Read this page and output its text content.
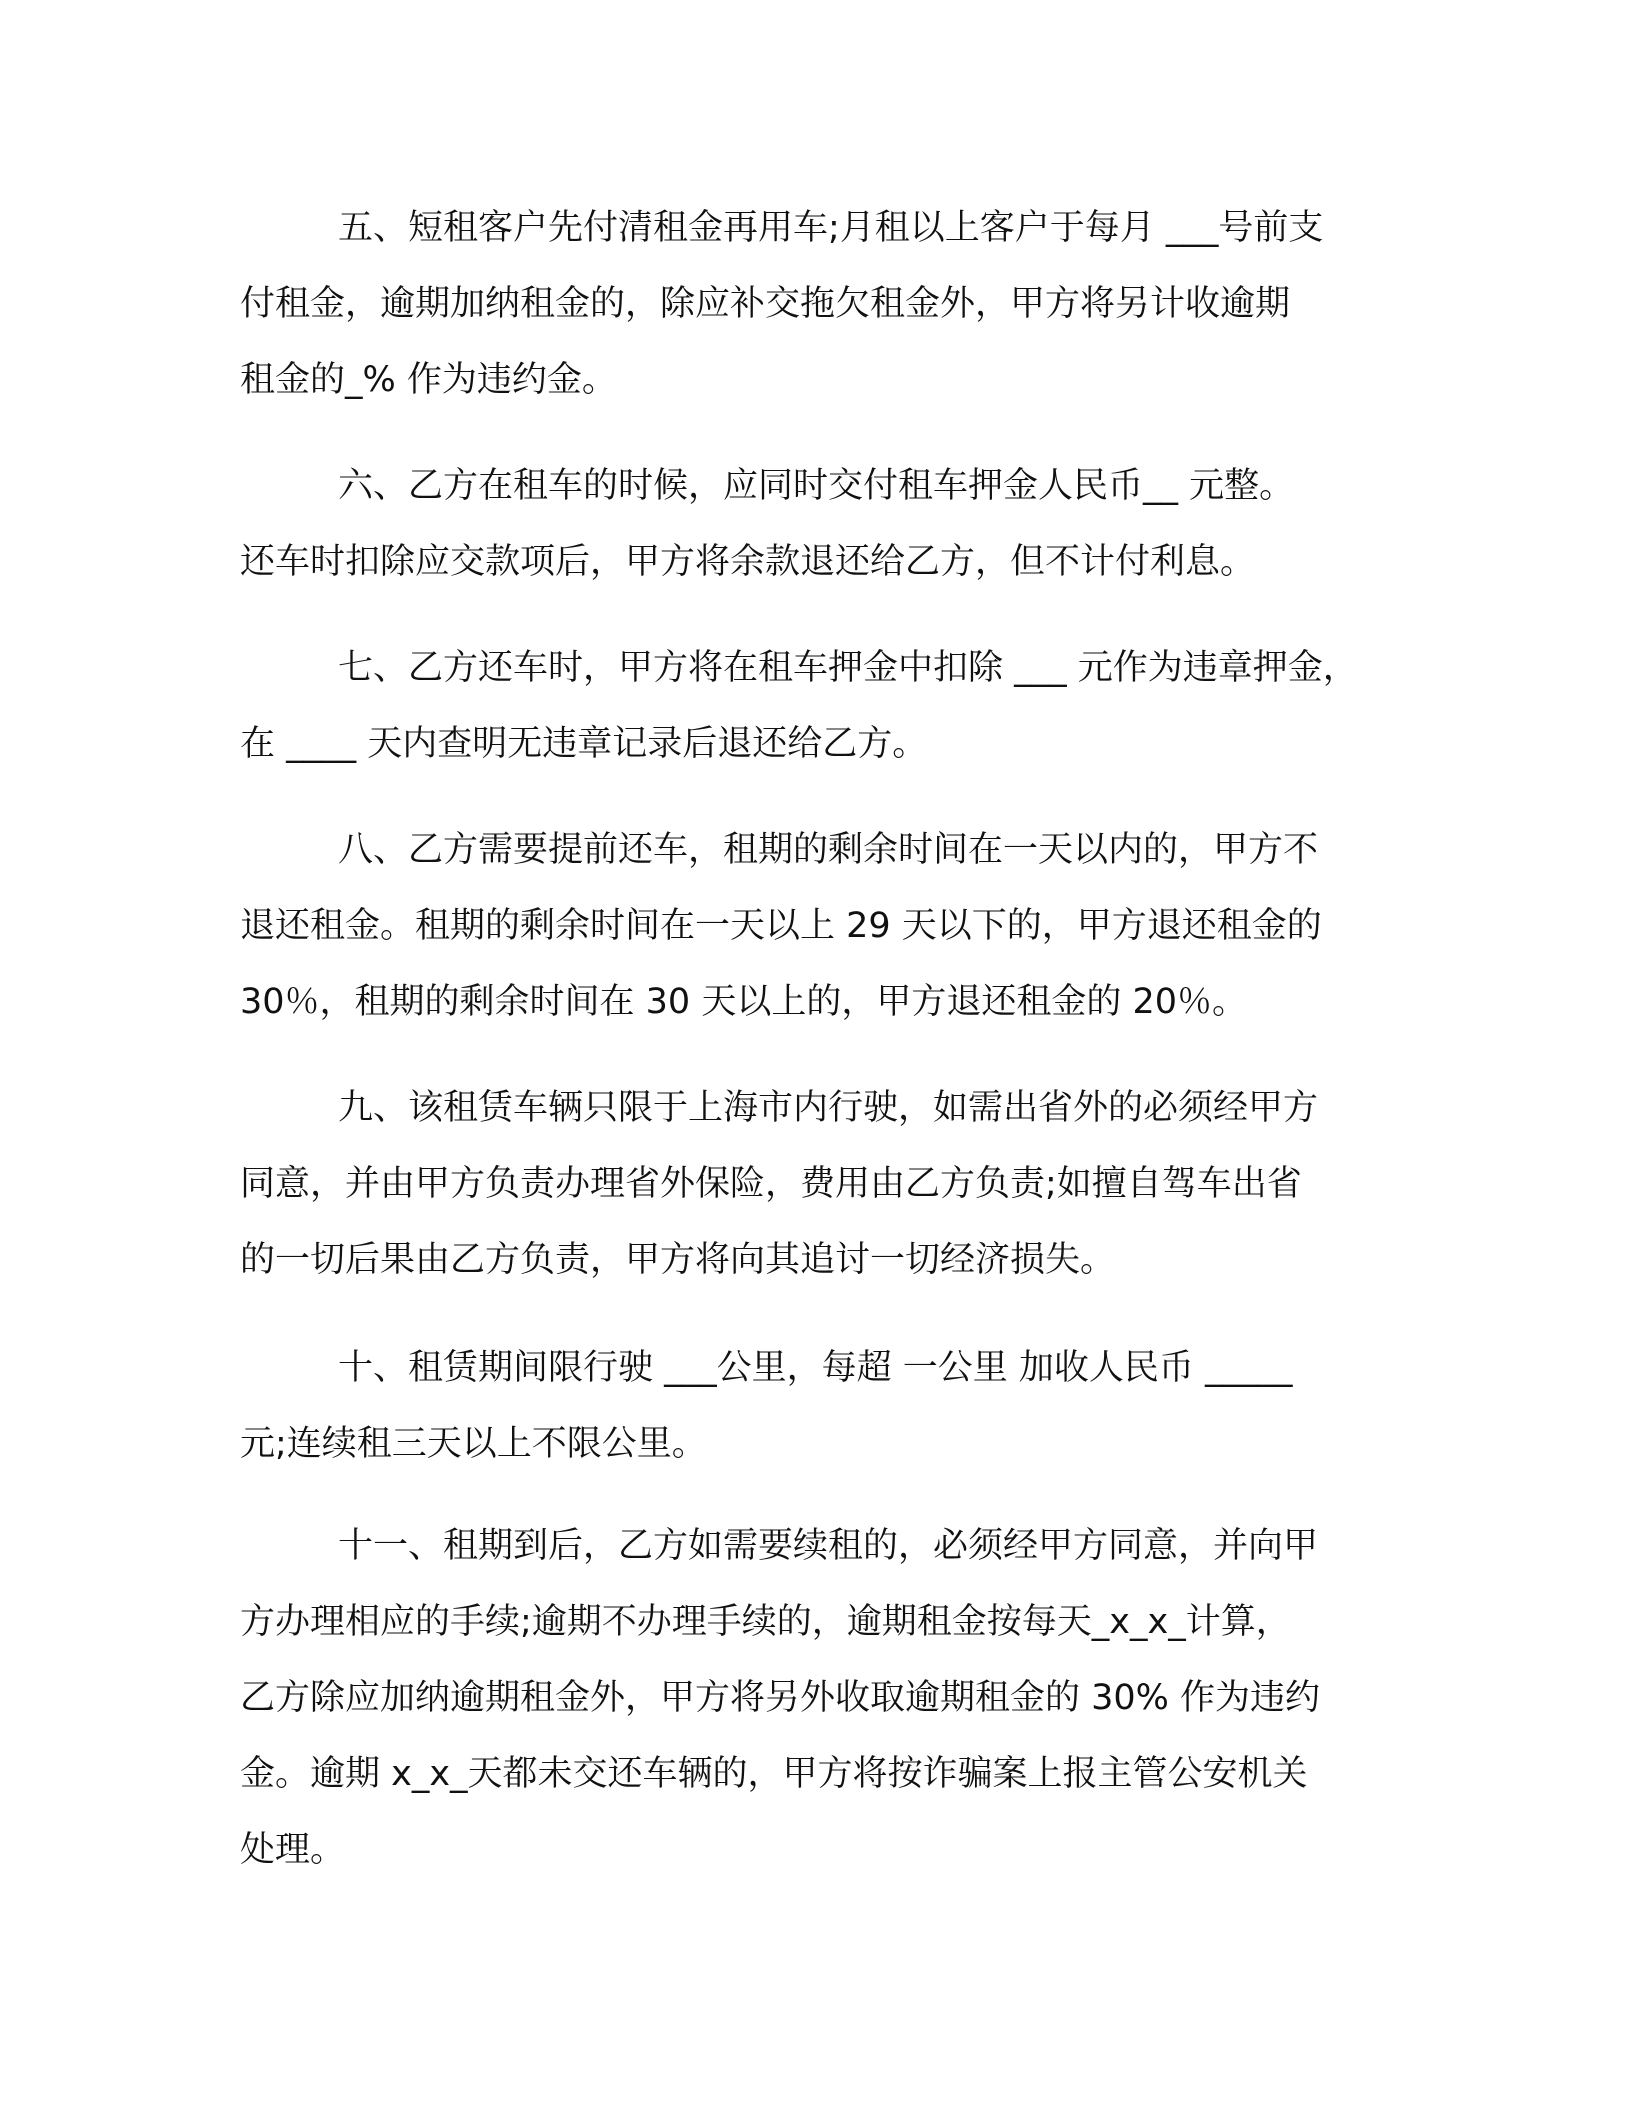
五、短租客户先付清租金再用车;月租以上客户于每月 ___号前支
付租金，逾期加纳租金的，除应补交拖欠租金外，甲方将另计收逾期
租金的_% 作为违约金。

六、乙方在租车的时候，应同时交付租车押金人民币__ 元整。
还车时扣除应交款项后，甲方将余款退还给乙方，但不计付利息。

七、乙方还车时，甲方将在租车押金中扣除 ___ 元作为违章押金，
在 ____ 天内查明无违章记录后退还给乙方。

八、乙方需要提前还车，租期的剩余时间在一天以内的，甲方不
退还租金。租期的剩余时间在一天以上 29 天以下的，甲方退还租金的
30％，租期的剩余时间在 30 天以上的，甲方退还租金的 20％。

九、该租赁车辆只限于上海市内行驶，如需出省外的必须经甲方
同意，并由甲方负责办理省外保险，费用由乙方负责;如擅自驾车出省
的一切后果由乙方负责，甲方将向其追讨一切经济损失。

十、租赁期间限行驶 ___公里，每超 一公里 加收人民币 _____
元;连续租三天以上不限公里。

十一、租期到后，乙方如需要续租的，必须经甲方同意，并向甲
方办理相应的手续;逾期不办理手续的，逾期租金按每天_x_x_计算，
乙方除应加纳逾期租金外，甲方将另外收取逾期租金的 30% 作为违约
金。逾期 x_x_天都未交还车辆的，甲方将按诈骗案上报主管公安机关
处理。
